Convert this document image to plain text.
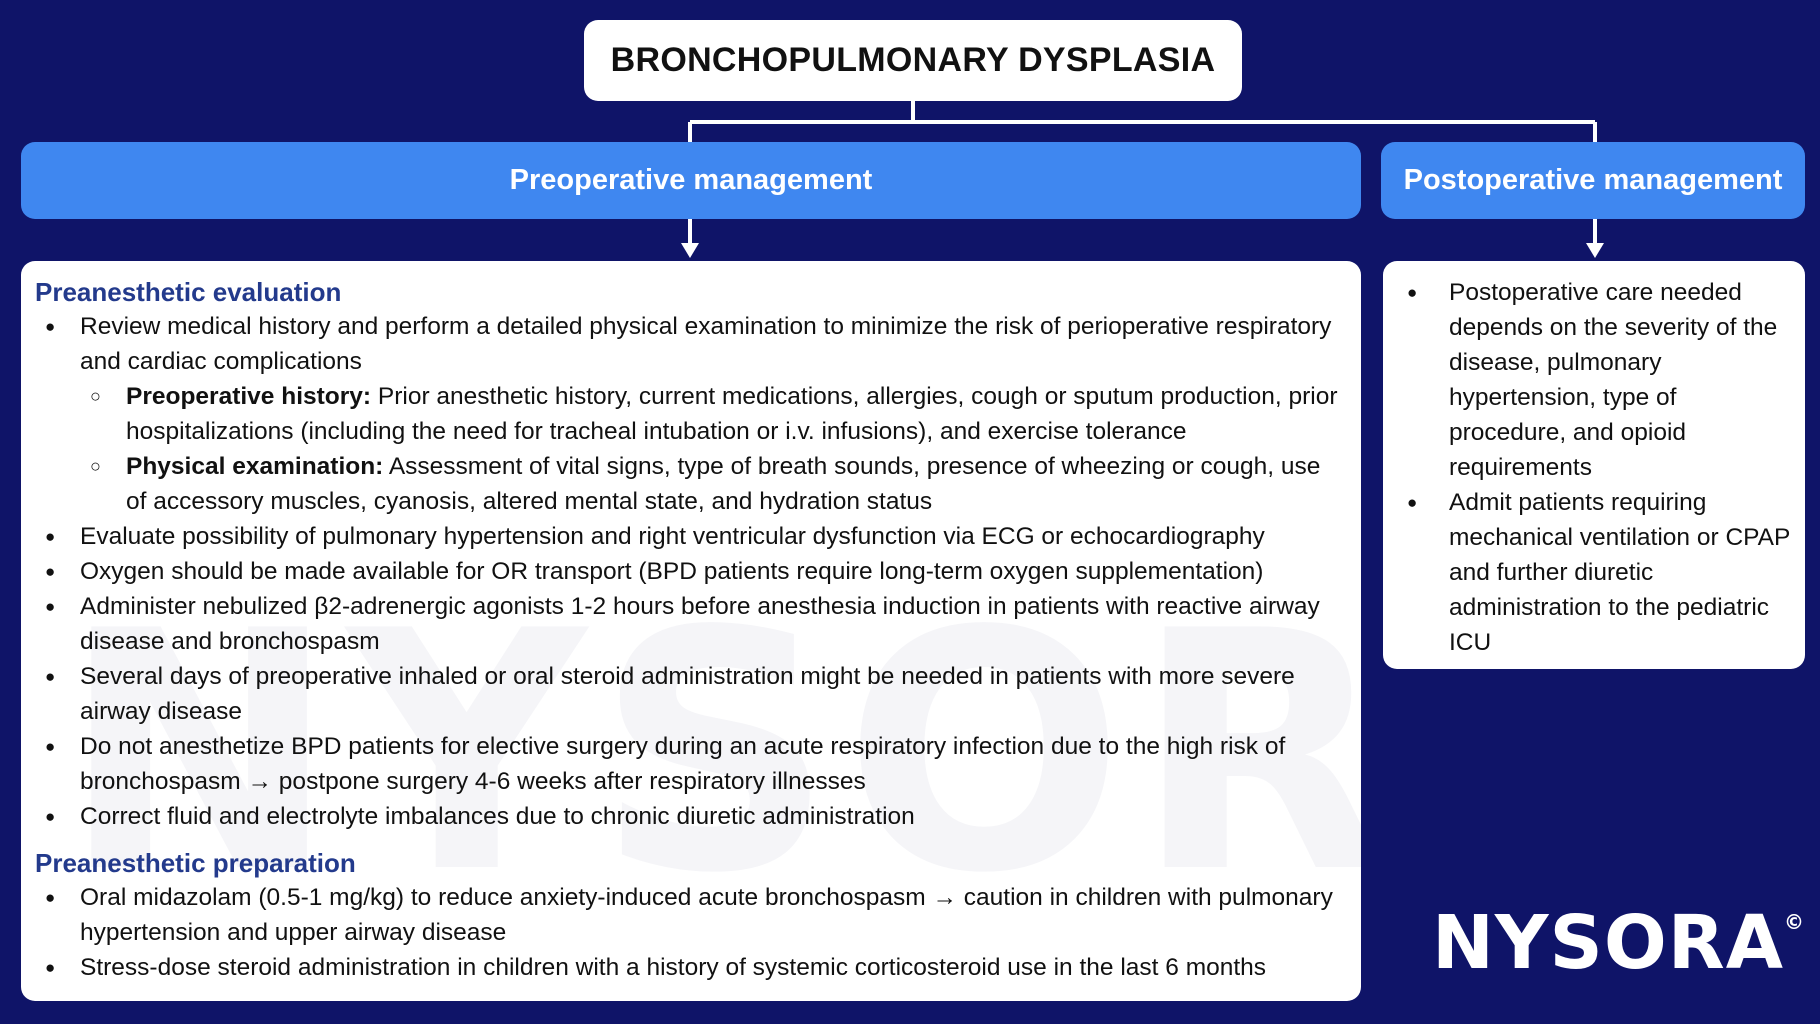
BRONCHOPULMONARY DYSPLASIA
Preoperative management	Postoperative management
Preanesthetic evaluation
● Review medical history and perform a detailed physical examination to minimize the risk of perioperative respiratory and cardiac complications
○ Preoperative history: Prior anesthetic history, current medications, allergies, cough or sputum production, prior hospitalizations (including the need for tracheal intubation or i.v. infusions), and exercise tolerance
○ Physical examination: Assessment of vital signs, type of breath sounds, presence of wheezing or cough, use of accessory muscles, cyanosis, altered mental state, and hydration status
● Evaluate possibility of pulmonary hypertension and right ventricular dysfunction via ECG or echocardiography
● Oxygen should be made available for OR transport (BPD patients require long-term oxygen supplementation)
● Administer nebulized β2-adrenergic agonists 1-2 hours before anesthesia induction in patients with reactive airway disease and bronchospasm
● Several days of preoperative inhaled or oral steroid administration might be needed in patients with more severe airway disease
● Do not anesthetize BPD patients for elective surgery during an acute respiratory infection due to the high risk of bronchospasm → postpone surgery 4-6 weeks after respiratory illnesses
● Correct fluid and electrolyte imbalances due to chronic diuretic administration
Preanesthetic preparation
● Oral midazolam (0.5-1 mg/kg) to reduce anxiety-induced acute bronchospasm → caution in children with pulmonary hypertension and upper airway disease
● Stress-dose steroid administration in children with a history of systemic corticosteroid use in the last 6 months
● Postoperative care needed depends on the severity of the disease, pulmonary hypertension, type of procedure, and opioid requirements
● Admit patients requiring mechanical ventilation or CPAP and further diuretic administration to the pediatric ICU
NYSORA©
